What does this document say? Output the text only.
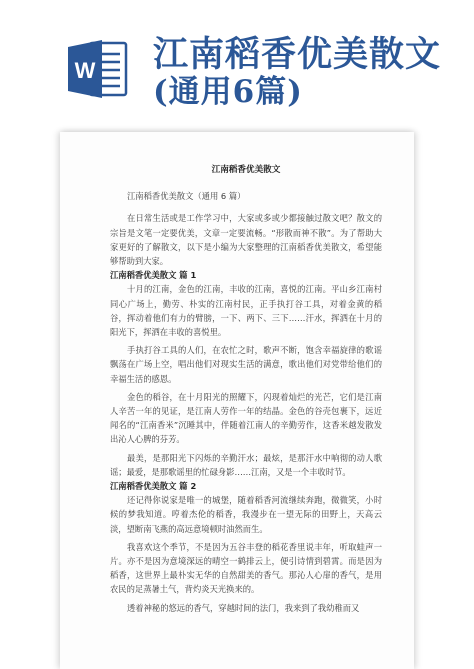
W 江南稻香优美散文
(通用6篇)
江南稻香优美散文
江南稻香优美散文（通用 6 篇）

在日常生活或是工作学习中，大家或多或少都接触过散文吧？散文的宗旨是文笔一定要优美，文章一定要流畅。“形散而神不散”。为了帮助大家更好的了解散文，以下是小编为大家整理的江南稻香优美散文，希望能够帮助到大家。

江南稻香优美散文 篇 1

十月的江南，金色的江南，丰收的江南，喜悦的江南。平山乡江南村同心广场上，勤劳、朴实的江南村民，正手执打谷工具，对着金黄的稻谷，挥动着他们有力的臂膀，一下、两下、三下……汗水，挥洒在十月的阳光下，挥洒在丰收的喜悦里。

手执打谷工具的人们，在农忙之时，歌声不断，饱含幸福旋律的歌谣飘荡在广场上空，唱出他们对现实生活的满意，歌出他们对党带给他们的幸福生活的感恩。

金色的稻谷，在十月阳光的照耀下，闪现着灿烂的光芒，它们是江南人辛苦一年的见证，是江南人劳作一年的结晶。金色的谷壳包裹下，远近闻名的“江南香米”沉睡其中，伴随着江南人的辛勤劳作，这香米越发散发出沁人心脾的芬芳。

最美，是那阳光下闪烁的辛勤汗水；最炫，是那汗水中响彻的动人歌谣；最爱，是那歌谣里的忙碌身影……江南，又是一个丰收时节。

江南稻香优美散文 篇 2

还记得你说家是唯一的城堡，随着稻香河流继续奔跑，微微笑，小时候的梦我知道。哼着杰伦的稻香，我漫步在一望无际的田野上，天高云淡，望断南飞燕的高远意境顿时油然而生。

我喜欢这个季节，不是因为五谷丰登的稻花香里说丰年，听取蛙声一片。亦不是因为意境深远的晴空一鹤排云上，便引诗情到碧霄。而是因为稻香，这世界上最朴实无华的自然甜美的香气。那沁人心扉的香气，是用农民的足蒸暑土气，背灼炎天光换来的。

透着神秘的悠远的香气，穿越时间的法门，我来到了我幼稚而又
